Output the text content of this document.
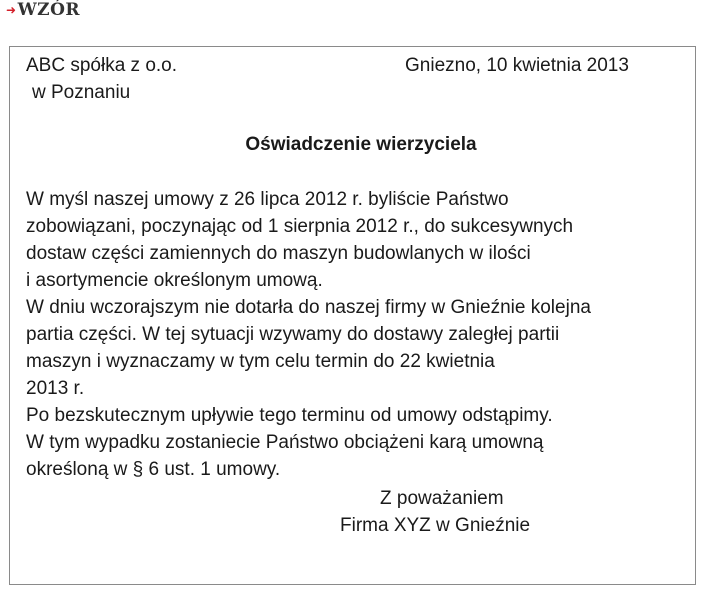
➜ WZÓR
ABC spółka z o.o.
w Poznaniu
Gniezno, 10 kwietnia 2013
Oświadczenie wierzyciela
W myśl naszej umowy z 26 lipca 2012 r. byliście Państwo
zobowiązani, poczynając od 1 sierpnia 2012 r., do sukcesywnych
dostaw części zamiennych do maszyn budowlanych w ilości
i asortymencie określonym umową.
W dniu wczorajszym nie dotarła do naszej firmy w Gnieźnie kolejna
partia części. W tej sytuacji wzywamy do dostawy zaległej partii
maszyn i wyznaczamy w tym celu termin do 22 kwietnia
2013 r.
Po bezskutecznym upływie tego terminu od umowy odstąpimy.
W tym wypadku zostaniecie Państwo obciążeni karą umowną
określoną w § 6 ust. 1 umowy.
Z poważaniem
Firma XYZ w Gnieźnie
